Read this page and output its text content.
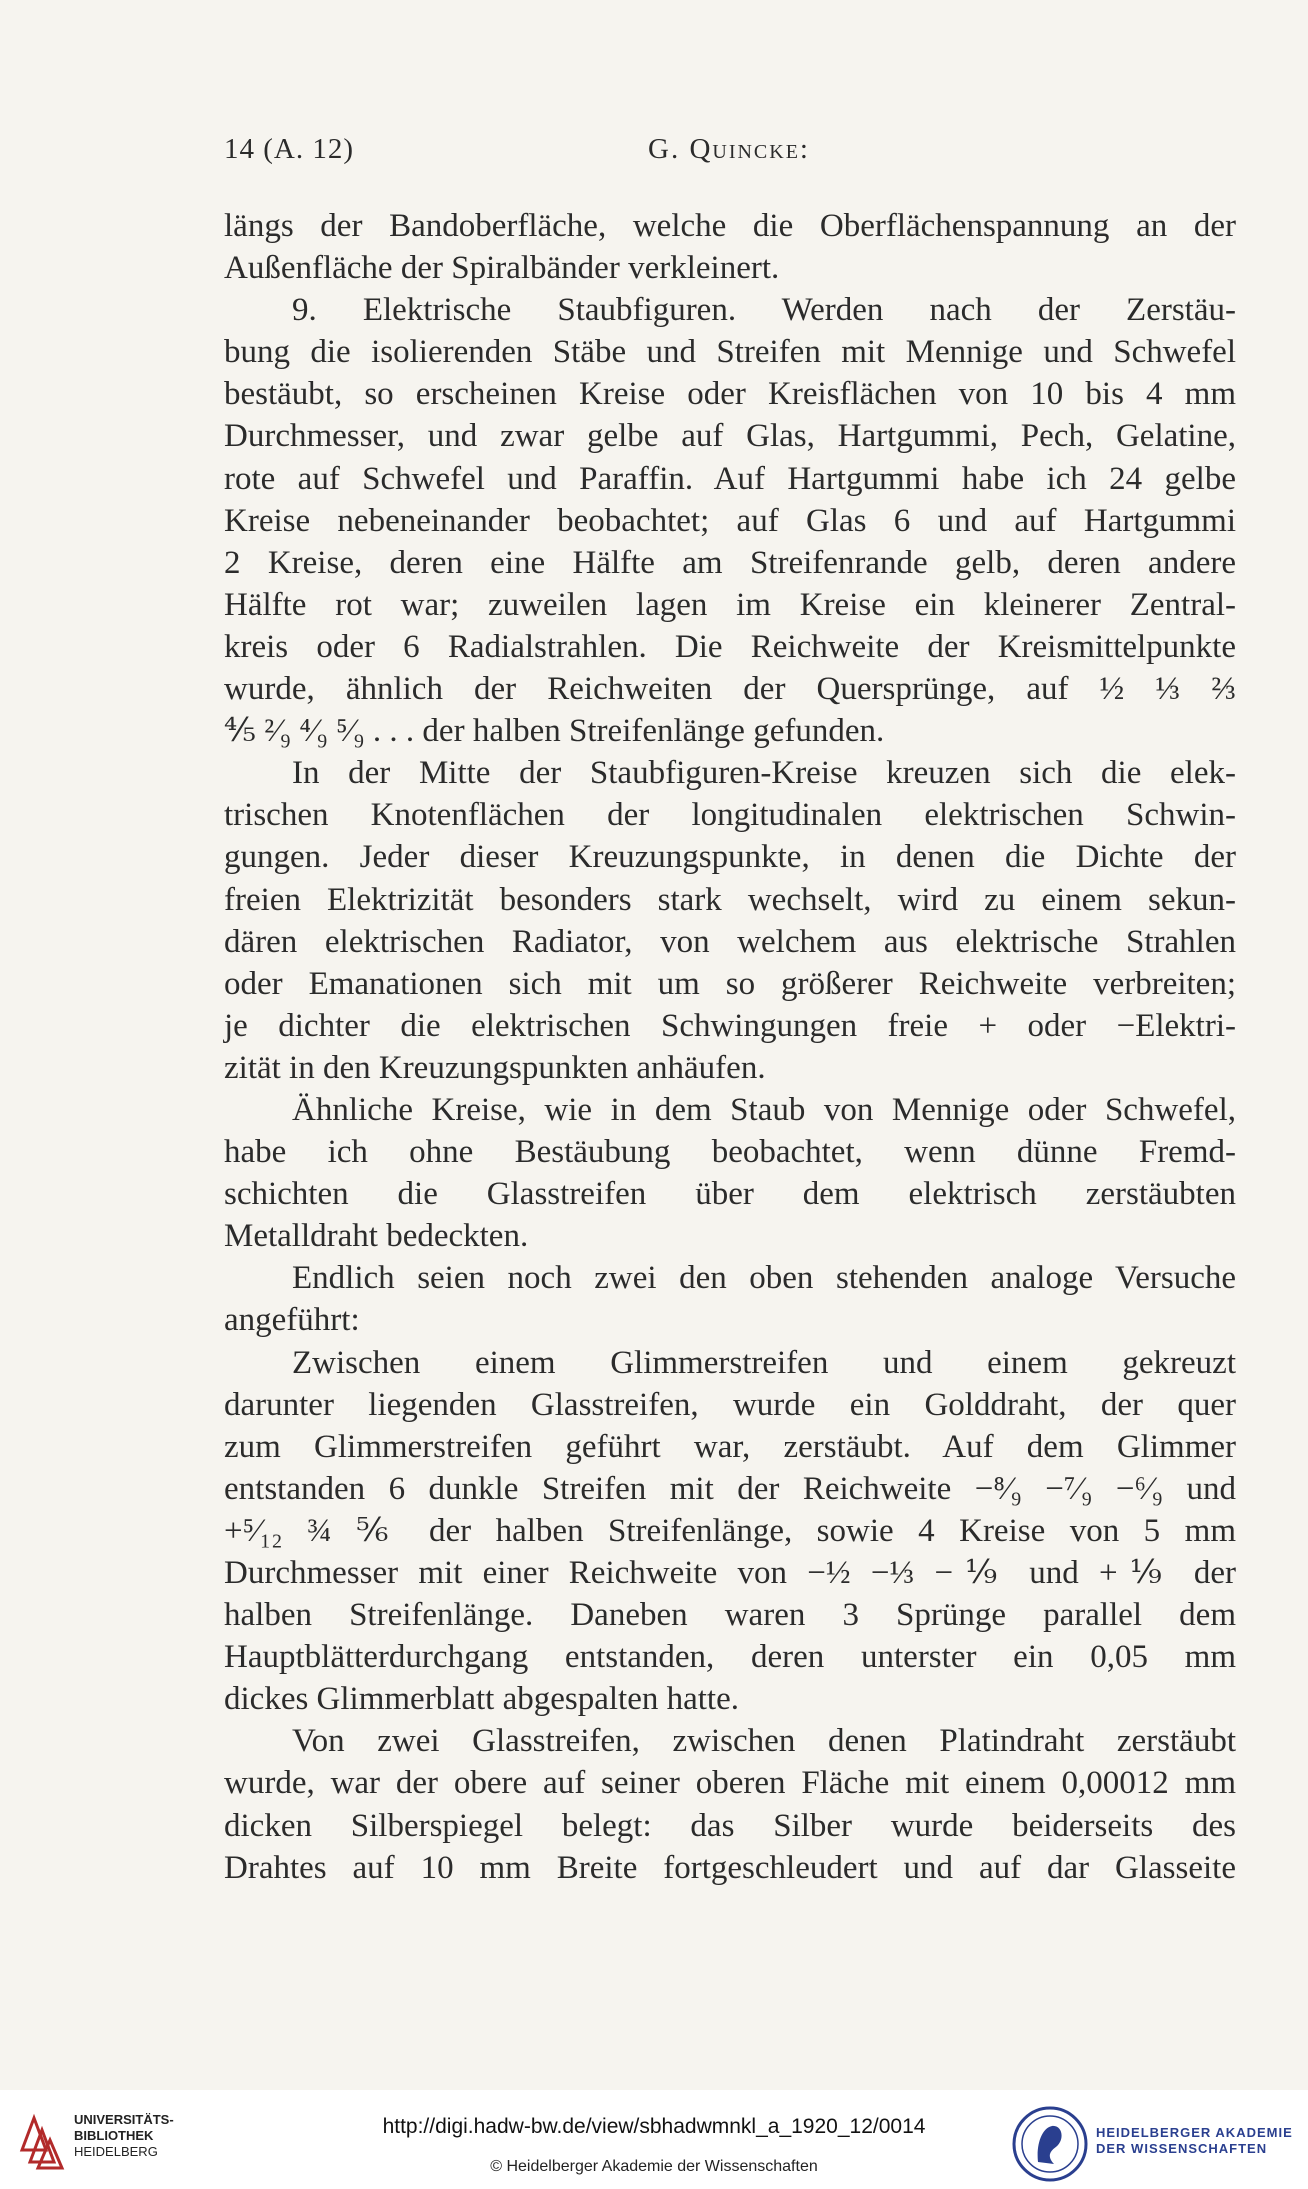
14 (A. 12)	G. Quincke:
längs der Bandoberfläche, welche die Oberflächenspannung an der
Außenfläche der Spiralbänder verkleinert.
9. Elektrische Staubfiguren. Werden nach der Zerstäu-
bung die isolierenden Stäbe und Streifen mit Mennige und Schwefel
bestäubt, so erscheinen Kreise oder Kreisflächen von 10 bis 4 mm
Durchmesser, und zwar gelbe auf Glas, Hartgummi, Pech, Gelatine,
rote auf Schwefel und Paraffin. Auf Hartgummi habe ich 24 gelbe
Kreise nebeneinander beobachtet; auf Glas 6 und auf Hartgummi
2 Kreise, deren eine Hälfte am Streifenrande gelb, deren andere
Hälfte rot war; zuweilen lagen im Kreise ein kleinerer Zentral-
kreis oder 6 Radialstrahlen. Die Reichweite der Kreismittelpunkte
wurde, ähnlich der Reichweiten der Quersprünge, auf ½ ⅓ ⅔
⅘ ²⁄₉ ⁴⁄₉ ⁵⁄₉ . . . der halben Streifenlänge gefunden.
In der Mitte der Staubfiguren-Kreise kreuzen sich die elek-
trischen Knotenflächen der longitudinalen elektrischen Schwin-
gungen. Jeder dieser Kreuzungspunkte, in denen die Dichte der
freien Elektrizität besonders stark wechselt, wird zu einem sekun-
dären elektrischen Radiator, von welchem aus elektrische Strahlen
oder Emanationen sich mit um so größerer Reichweite verbreiten;
je dichter die elektrischen Schwingungen freie + oder −Elektri-
zität in den Kreuzungspunkten anhäufen.
Ähnliche Kreise, wie in dem Staub von Mennige oder Schwefel,
habe ich ohne Bestäubung beobachtet, wenn dünne Fremd-
schichten die Glasstreifen über dem elektrisch zerstäubten
Metalldraht bedeckten.
Endlich seien noch zwei den oben stehenden analoge Versuche
angeführt:
Zwischen einem Glimmerstreifen und einem gekreuzt
darunter liegenden Glasstreifen, wurde ein Golddraht, der quer
zum Glimmerstreifen geführt war, zerstäubt. Auf dem Glimmer
entstanden 6 dunkle Streifen mit der Reichweite −⁸⁄₉ −⁷⁄₉ −⁶⁄₉ und
+⁵⁄₁₂ ¾ ⅚ der halben Streifenlänge, sowie 4 Kreise von 5 mm
Durchmesser mit einer Reichweite von −½ −⅓ −⅑ und +⅑ der
halben Streifenlänge. Daneben waren 3 Sprünge parallel dem
Hauptblätterdurchgang entstanden, deren unterster ein 0,05 mm
dickes Glimmerblatt abgespalten hatte.
Von zwei Glasstreifen, zwischen denen Platindraht zerstäubt
wurde, war der obere auf seiner oberen Fläche mit einem 0,00012 mm
dicken Silberspiegel belegt: das Silber wurde beiderseits des
Drahtes auf 10 mm Breite fortgeschleudert und auf dar Glasseite
UNIVERSITÄTS-
BIBLIOTHEK
HEIDELBERG
http://digi.hadw-bw.de/view/sbhadwmnkl_a_1920_12/0014
© Heidelberger Akademie der Wissenschaften
HEIDELBERGER AKADEMIE
DER WISSENSCHAFTEN
